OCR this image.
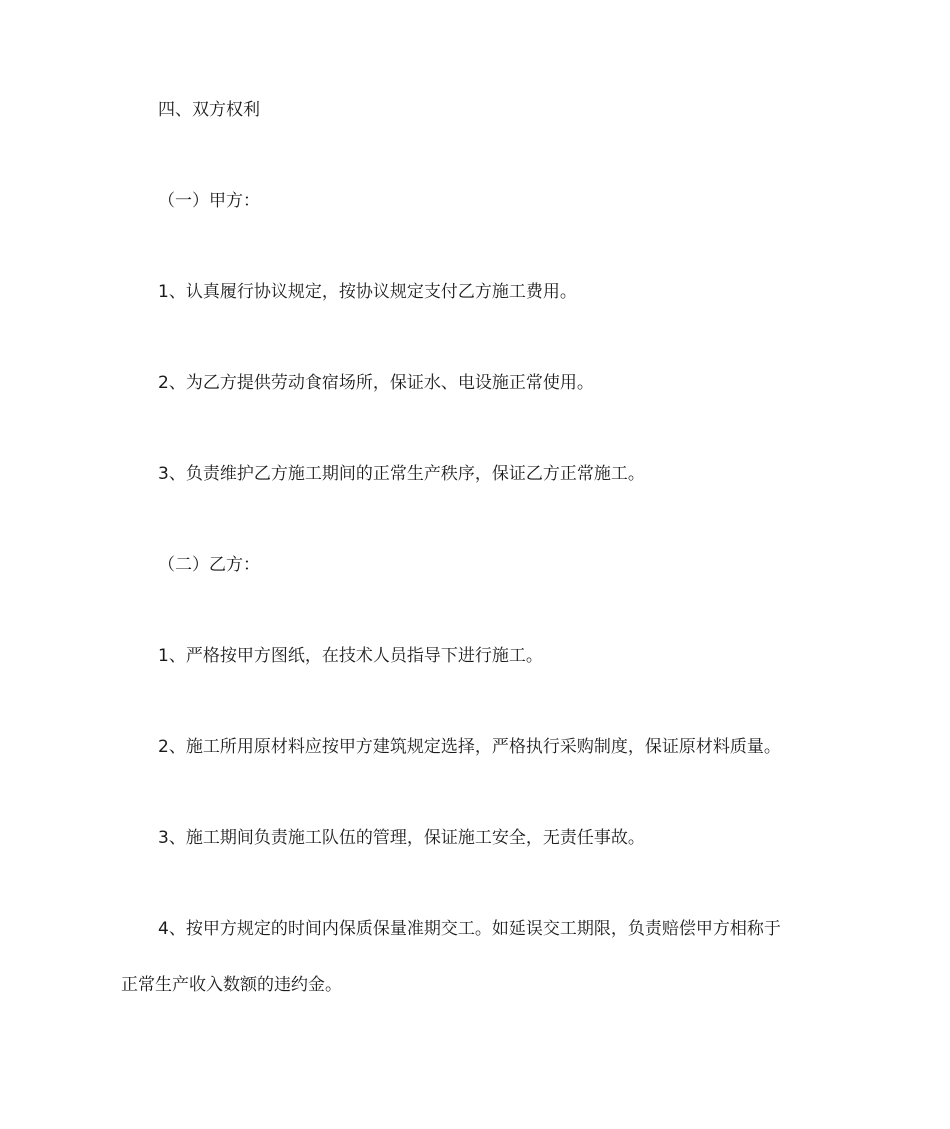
四、双方权利

（一）甲方：

1、认真履行协议规定，按协议规定支付乙方施工费用。

2、为乙方提供劳动食宿场所，保证水、电设施正常使用。

3、负责维护乙方施工期间的正常生产秩序，保证乙方正常施工。

（二）乙方：

1、严格按甲方图纸，在技术人员指导下进行施工。

2、施工所用原材料应按甲方建筑规定选择，严格执行采购制度，保证原材料质量。

3、施工期间负责施工队伍的管理，保证施工安全，无责任事故。

4、按甲方规定的时间内保质保量准期交工。如延误交工期限，负责赔偿甲方相称于

正常生产收入数额的违约金。
